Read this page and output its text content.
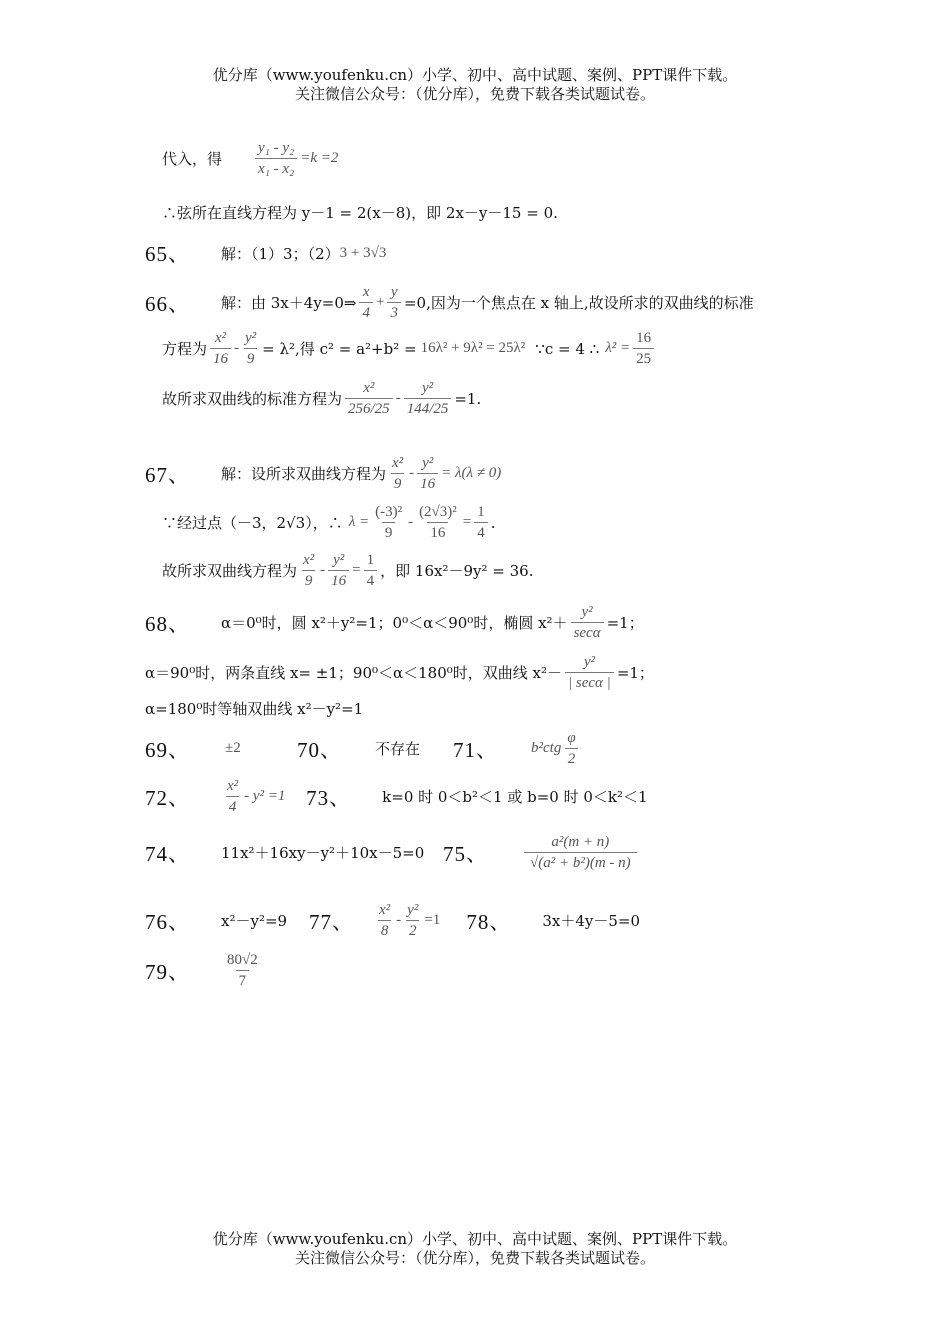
优分库（www.youfenku.cn）小学、初中、高中试题、案例、PPT课件下载。
关注微信公众号：（优分库），免费下载各类试题试卷。
代入，得 $\frac{\text{y₁ - y₂}}{\text{x₁ - x₂}} =k =2$
∴弦所在直线方程为 y－1 = 2(x－8)，即 2x－y－15 = 0.
65、	解：（1）3；（2） 3 + 3√3
66、	解：由 3x＋4y=0⇒ $\frac{x}{4} + \frac{y}{3} =0$,因为一个焦点在 x 轴上,故设所求的双曲线的标准
方程为 $\frac{\text{x²}}{16} - \frac{\text{y²}}{9} = \lambda^2$,得 c² = a²+b² = 16λ² + 9λ² = 25λ² ∵c = 4 ∴ $\lambda^2 = \frac{16}{25}$
故所求双曲线的标准方程为 $\frac{\text{x²}}{256/25} - \frac{\text{y²}}{144/25} =1$.
67、	解：设所求双曲线方程为 $\frac{\text{x²}}{9} - \frac{\text{y²}}{16} = \lambda(\lambda \ne 0)$
∵经过点（－3，2√3），∴ $\lambda = \frac{\text{(-3)²}}{9} - \frac{\text{(2√3)²}}{16} = \frac{1}{4}$ .
故所求双曲线方程为 $\frac{\text{x²}}{9} - \frac{\text{y²}}{16} = \frac{1}{4}$ ，即 16x²－9y² = 36.
68、	α＝0⁰时，圆 x²＋y²=1；0⁰＜α＜90⁰时，椭圆 $x^2+ \frac{\text{y²}}{\sec\alpha} =1$；
α＝90⁰时，两条直线 x= ±1；90⁰＜α＜180⁰时，双曲线 $x^2- \frac{\text{y²}}{| \sec\alpha |} =1$；
α=180⁰时等轴双曲线 x²－y²=1
69、	±2	70、	不存在	71、	$b^2ctg \frac{\varphi}{2}$
72、	$\frac{\text{x²}}{4} - y^2 =1$ 73、	k=0 时 0＜b²＜1 或 b=0 时 0＜k²＜1
74、	11x²＋16xy－y²＋10x－5=0 75、	$\frac{\text{a²(m + n)}}{\text{√(a² + b²)(m - n)}}$
76、	x²－y²=9	77、	$\frac{\text{x²}}{8} - \frac{\text{y²}}{2} =1$	78、	3x＋4y－5=0
79、	$\frac{80√2}{7}$
优分库（www.youfenku.cn）小学、初中、高中试题、案例、PPT课件下载。
关注微信公众号：（优分库），免费下载各类试题试卷。
